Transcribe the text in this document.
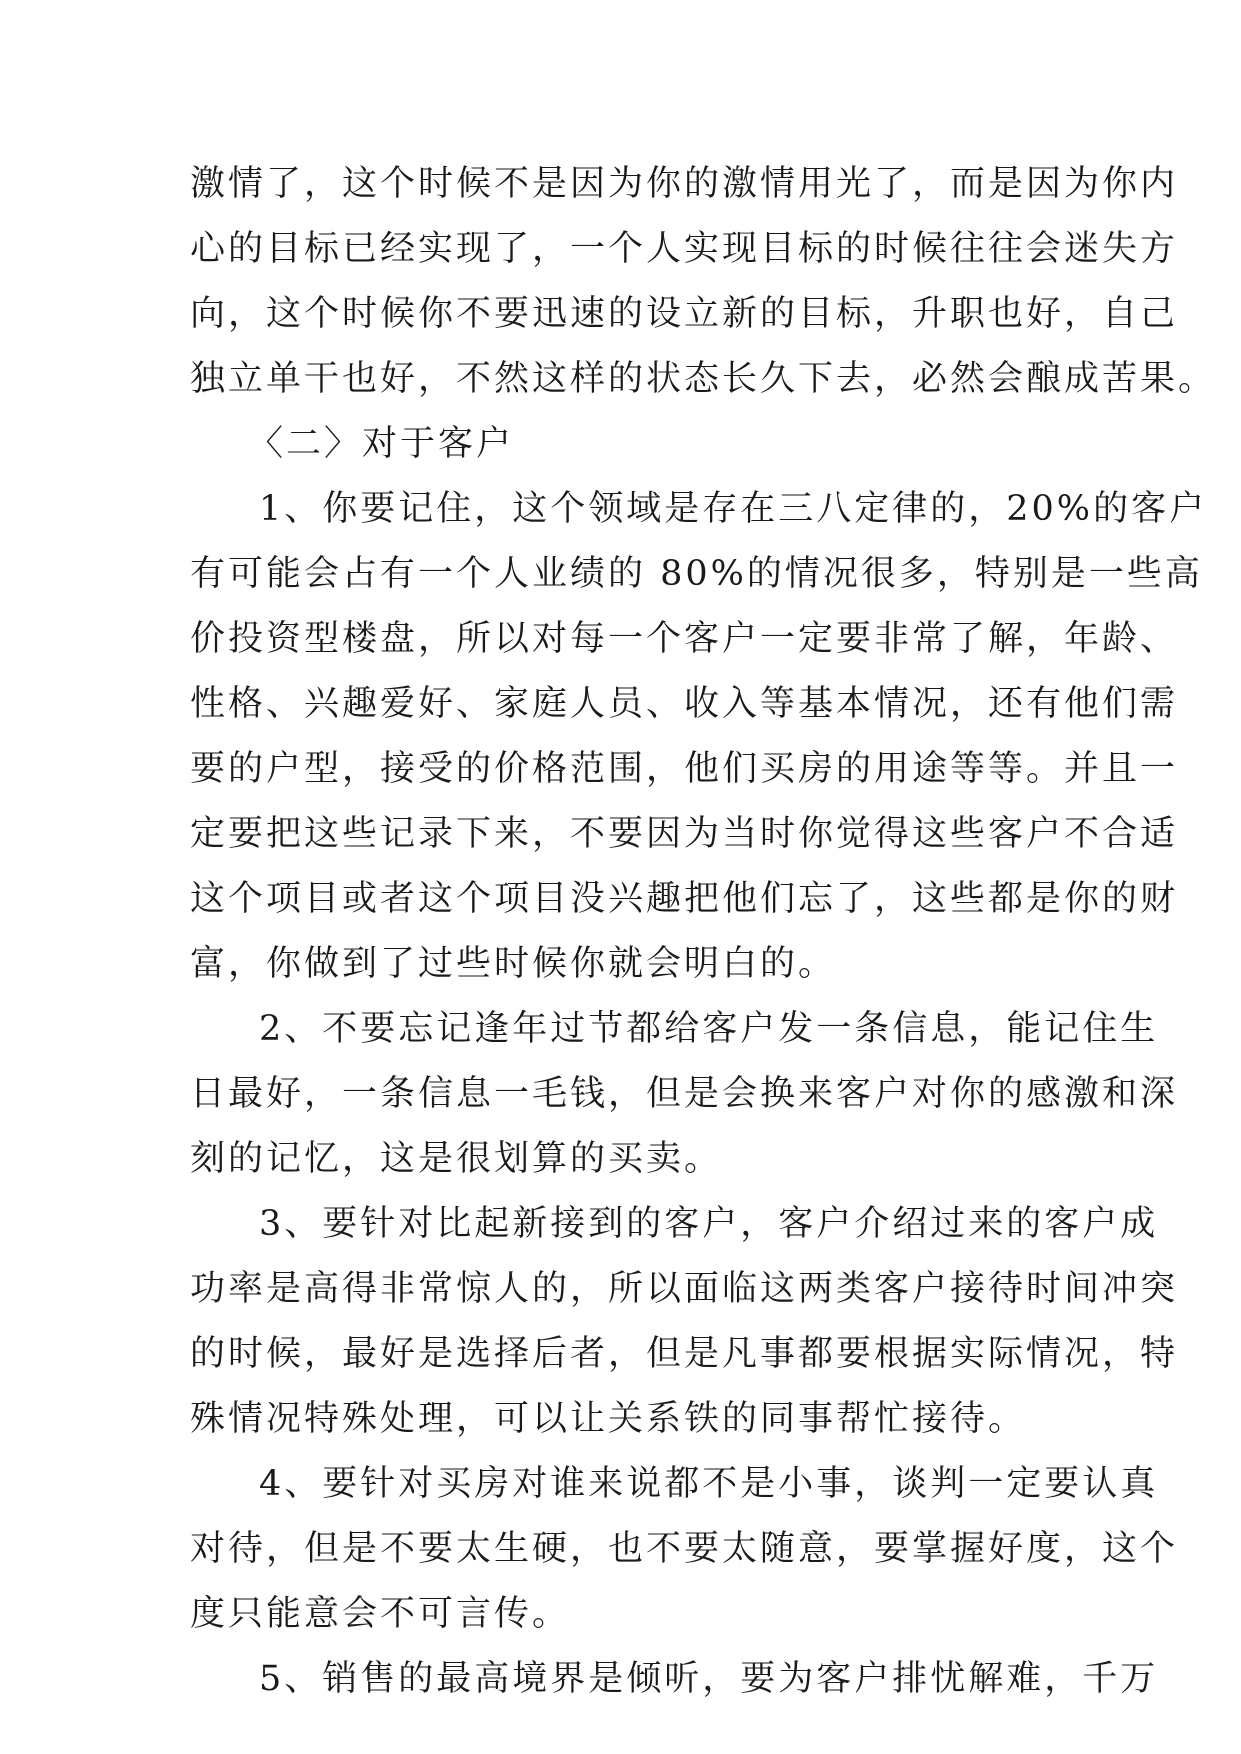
激情了，这个时候不是因为你的激情用光了，而是因为你内
心的目标已经实现了，一个人实现目标的时候往往会迷失方
向，这个时候你不要迅速的设立新的目标，升职也好，自己
独立单干也好，不然这样的状态长久下去，必然会酿成苦果。
〈二〉对于客户
1、你要记住，这个领域是存在三八定律的，20%的客户
有可能会占有一个人业绩的 80%的情况很多，特别是一些高
价投资型楼盘，所以对每一个客户一定要非常了解，年龄、
性格、兴趣爱好、家庭人员、收入等基本情况，还有他们需
要的户型，接受的价格范围，他们买房的用途等等。并且一
定要把这些记录下来，不要因为当时你觉得这些客户不合适
这个项目或者这个项目没兴趣把他们忘了，这些都是你的财
富，你做到了过些时候你就会明白的。
2、不要忘记逢年过节都给客户发一条信息，能记住生
日最好，一条信息一毛钱，但是会换来客户对你的感激和深
刻的记忆，这是很划算的买卖。
3、要针对比起新接到的客户，客户介绍过来的客户成
功率是高得非常惊人的，所以面临这两类客户接待时间冲突
的时候，最好是选择后者，但是凡事都要根据实际情况，特
殊情况特殊处理，可以让关系铁的同事帮忙接待。
4、要针对买房对谁来说都不是小事，谈判一定要认真
对待，但是不要太生硬，也不要太随意，要掌握好度，这个
度只能意会不可言传。
5、销售的最高境界是倾听，要为客户排忧解难，千万
